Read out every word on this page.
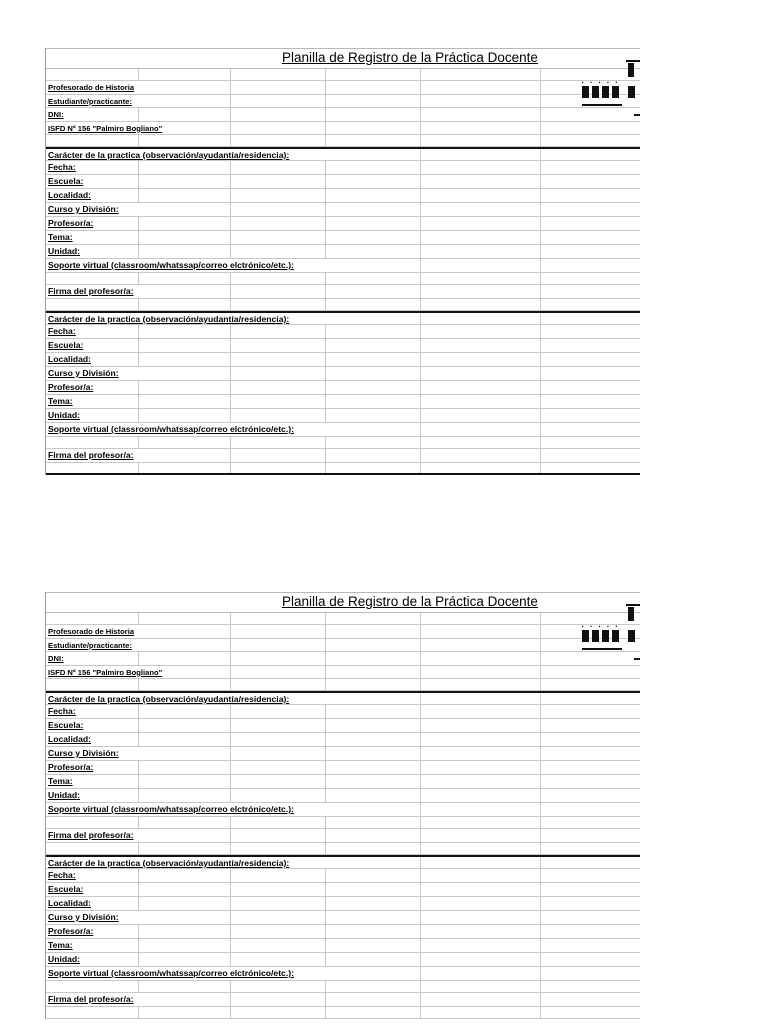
Planilla de Registro de la Práctica Docente
Profesorado de Historia
Estudiante/practicante:
DNI:
ISFD Nº 156 "Palmiro Bogliano"
Carácter de la practica (observación/ayudantía/residencia):
Fecha:
Escuela:
Localidad:
Curso y División:
Profesor/a:
Tema:
Unidad:
Soporte virtual (classroom/whatssap/correo elctrónico/etc.):
Firma del profesor/a:
Carácter de la practica (observación/ayudantía/residencia):
Fecha:
Escuela:
Localidad:
Curso y División:
Profesor/a:
Tema:
Unidad:
Soporte virtual (classroom/whatssap/correo elctrónico/etc.):
Firma del profesor/a:
.....
Planilla de Registro de la Práctica Docente
Profesorado de Historia
Estudiante/practicante:
DNI:
ISFD Nº 156 "Palmiro Bogliano"
Carácter de la practica (observación/ayudantía/residencia):
Fecha:
Escuela:
Localidad:
Curso y División:
Profesor/a:
Tema:
Unidad:
Soporte virtual (classroom/whatssap/correo elctrónico/etc.):
Firma del profesor/a:
Carácter de la practica (observación/ayudantía/residencia):
Fecha:
Escuela:
Localidad:
Curso y División:
Profesor/a:
Tema:
Unidad:
Soporte virtual (classroom/whatssap/correo elctrónico/etc.):
Firma del profesor/a:
.....
